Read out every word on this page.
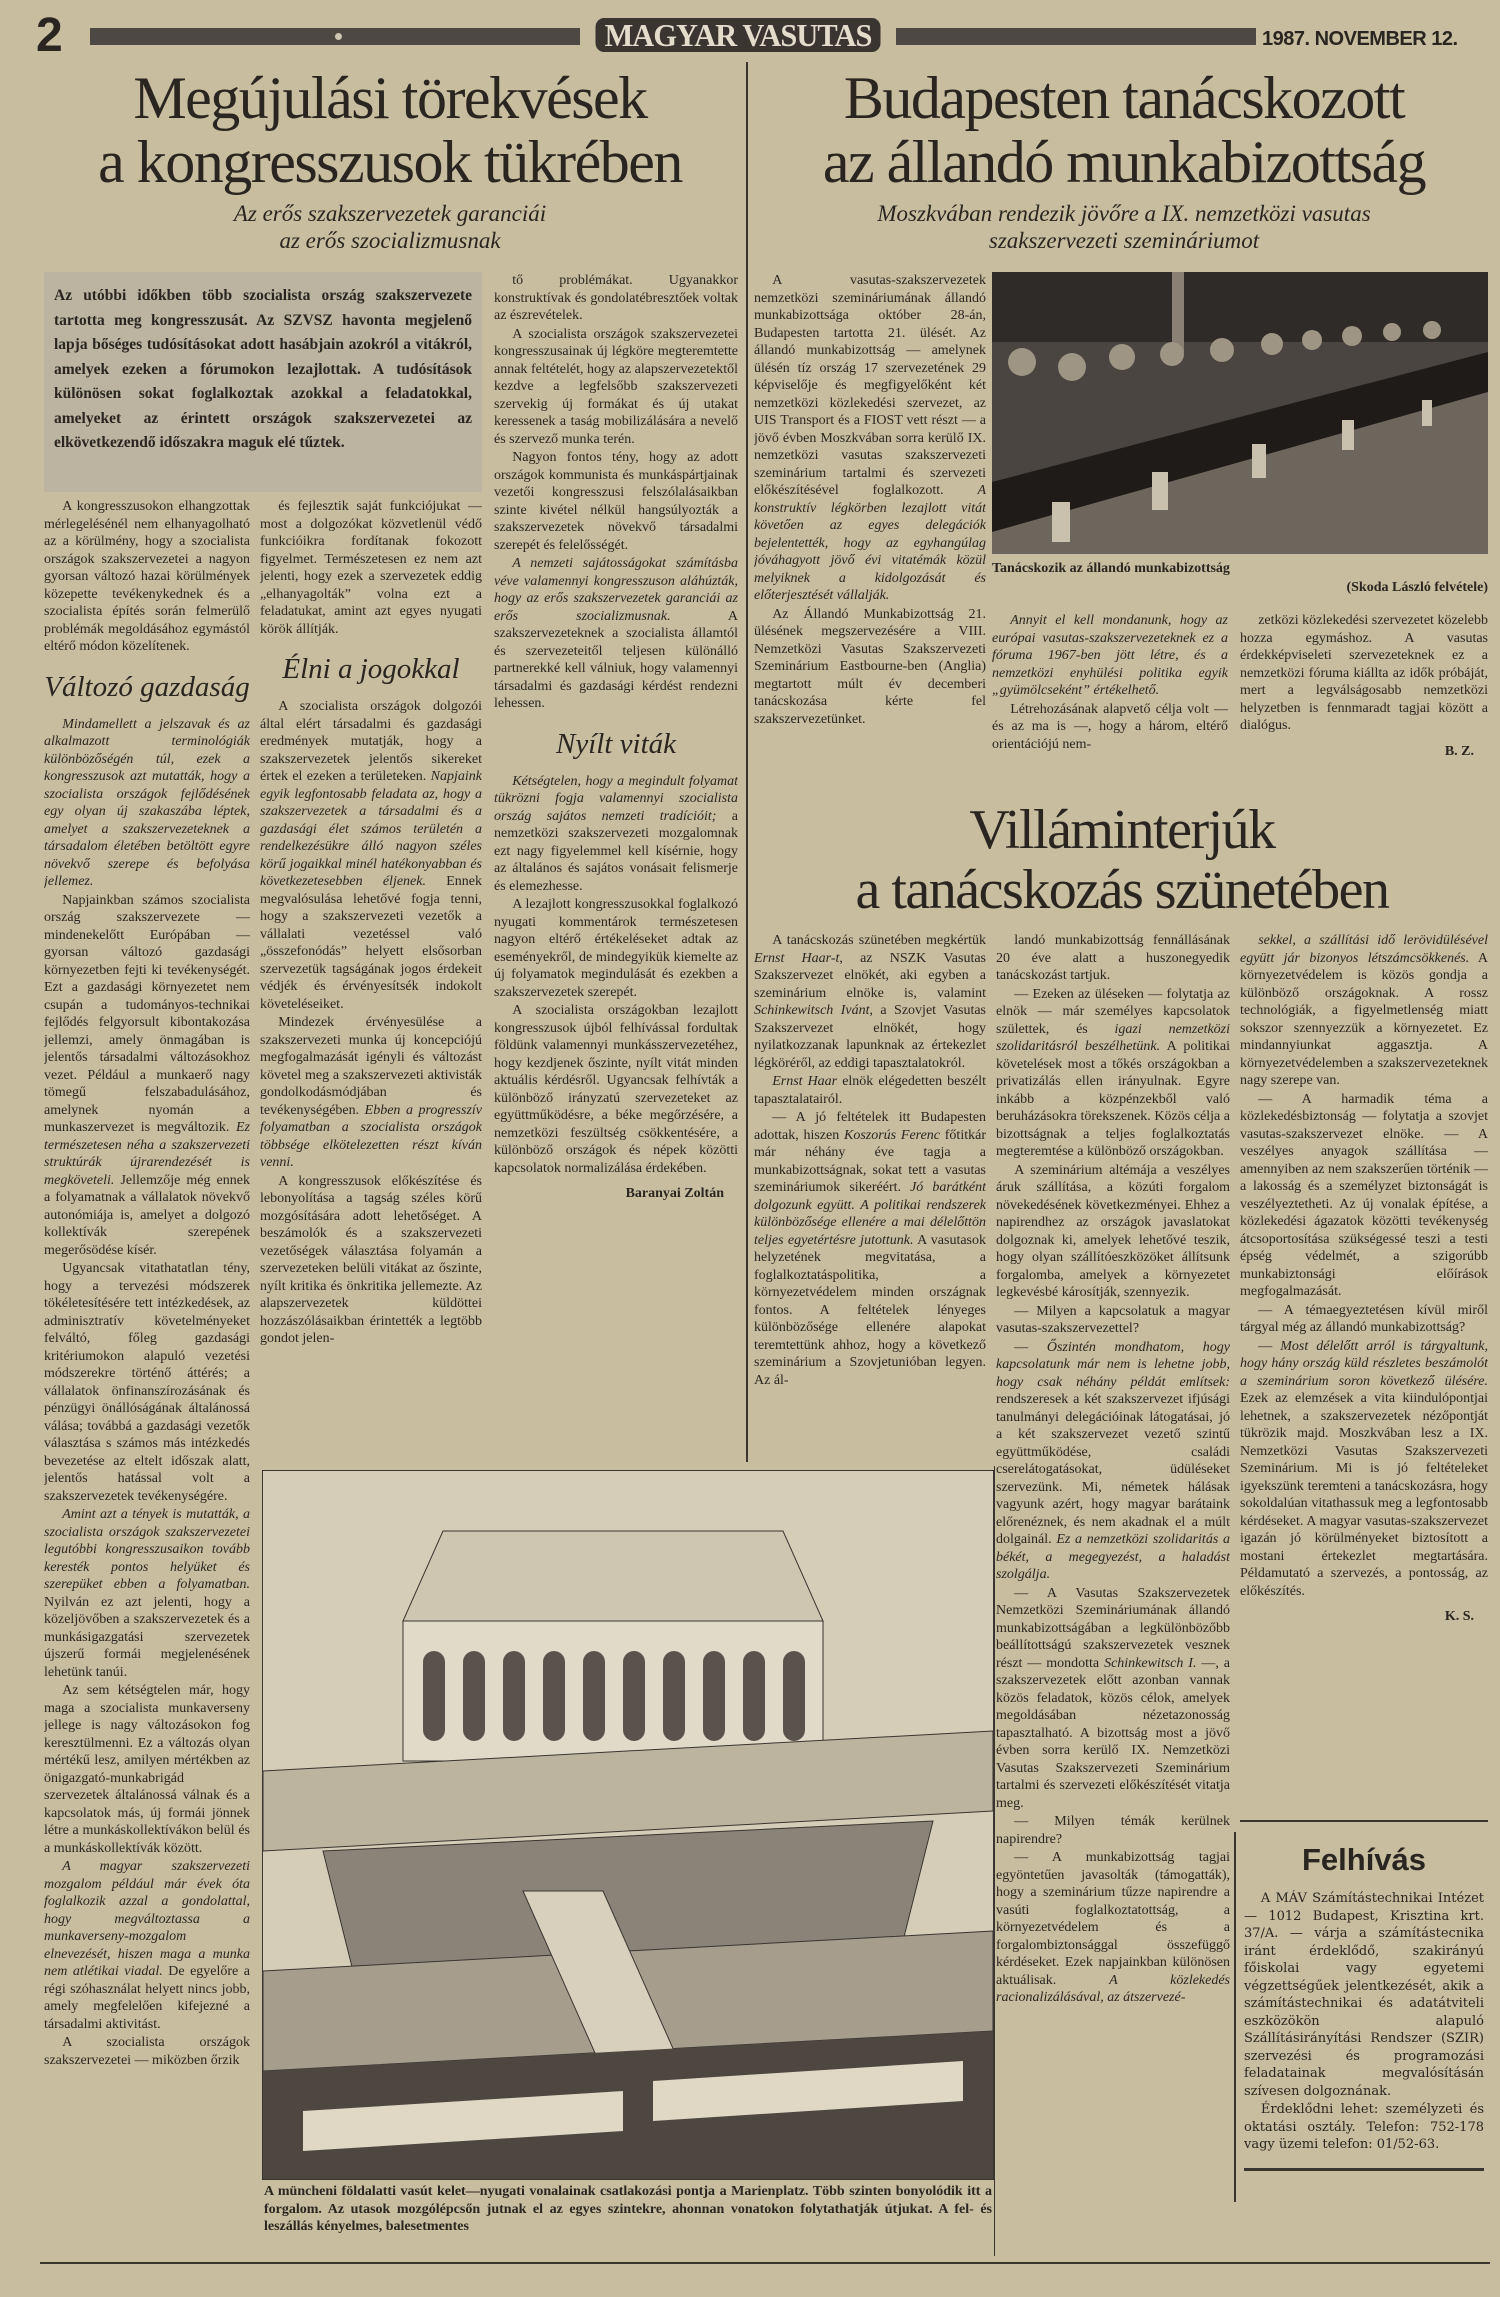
2	MAGYAR VASUTAS	1987. NOVEMBER 12.
Megújulási törekvések
a kongresszusok tükrében
Az erős szakszervezetek garanciái
az erős szocializmusnak
Budapesten tanácskozott
az állandó munkabizottság
Moszkvában rendezik jövőre a IX. nemzetközi vasutas
szakszervezeti szemináriumot
Az utóbbi időkben több szocialista ország szakszervezete tartotta meg kongresszusát. Az SZVSZ havonta megjelenő lapja bőséges tudósításokat adott hasábjain azokról a vitákról, amelyek ezeken a fórumokon lezajlottak. A tudósítások különösen sokat foglalkoztak azokkal a feladatokkal, amelyeket az érintett országok szakszervezetei az elkövetkezendő időszakra maguk elé tűztek.

A kongresszusokon elhangzottak mérlegelésénél nem elhanyagolható az a körülmény, hogy a szocialista országok szakszervezetei a nagyon gyorsan változó hazai körülmények közepette tevékenykednek és a szocialista építés során felmerülő problémák megoldásához egymástól eltérő módon közelítenek.

Változó gazdaság

Mindamellett a jelszavak és az alkalmazott terminológiák különbözőségén túl, ezek a kongresszusok azt mutatták, hogy a szocialista országok fejlődésének egy olyan új szakaszába léptek, amelyet a szakszervezeteknek a társadalom életében betöltött egyre növekvő szerepe és befolyása jellemez.

Napjainkban számos szocialista ország szakszervezete — mindenekelőtt Európában — gyorsan változó gazdasági környezetben fejti ki tevékenységét. Ezt a gazdasági környezetet nem csupán a tudományos-technikai fejlődés felgyorsult kibontakozása jellemzi, amely önmagában is jelentős társadalmi változásokhoz vezet. Például a munkaerő nagy tömegű felszabadulásához, amelynek nyomán a munkaszervezet is megváltozik. Ez természetesen néha a szakszervezeti struktúrák újrarendezését is megköveteli. Jellemzője még ennek a folyamatnak a vállalatok növekvő autonómiája is, amelyet a dolgozó kollektívák szerepének megerősödése kísér.

Ugyancsak vitathatatlan tény, hogy a tervezési módszerek tökéletesítésére tett intézkedések, az adminisztratív követelményeket felváltó, főleg gazdasági kritériumokon alapuló vezetési módszerekre történő áttérés; a vállalatok önfinanszírozásának és pénzügyi önállóságának általánossá válása; továbbá a gazdasági vezetők választása s számos más intézkedés bevezetése az eltelt időszak alatt, jelentős hatással volt a szakszervezetek tevékenységére.

Amint azt a tények is mutatták, a szocialista országok szakszervezetei legutóbbi kongresszusaikon tovább keresték pontos helyüket és szerepüket ebben a folyamatban. Nyilván ez azt jelenti, hogy a közeljövőben a szakszervezetek és a munkásigazgatási szervezetek újszerű formái megjelenésének lehetünk tanúi.

Az sem kétségtelen már, hogy maga a szocialista munkaverseny jellege is nagy változásokon fog keresztülmenni. Ez a változás olyan mértékű lesz, amilyen mértékben az önigazgató-munkabrigád szervezetek általánossá válnak és a kapcsolatok más, új formái jönnek létre a munkáskollektívákon belül és a munkáskollektívák között.

A magyar szakszervezeti mozgalom például már évek óta foglalkozik azzal a gondolattal, hogy megváltoztassa a munkaverseny-mozgalom elnevezését, hiszen maga a munka nem atlétikai viadal. De egyelőre a régi szóhasználat helyett nincs jobb, amely megfelelően kifejezné a társadalmi aktivitást.

A szocialista országok szakszervezetei — miközben őrzik

és fejlesztik saját funkciójukat — most a dolgozókat közvetlenül védő funkcióikra fordítanak fokozott figyelmet. Természetesen ez nem azt jelenti, hogy ezek a szervezetek eddig „elhanyagolták” volna ezt a feladatukat, amint azt egyes nyugati körök állítják.

Élni a jogokkal

A szocialista országok dolgozói által elért társadalmi és gazdasági eredmények mutatják, hogy a szakszervezetek jelentős sikereket értek el ezeken a területeken. Napjaink egyik legfontosabb feladata az, hogy a szakszervezetek a társadalmi és a gazdasági élet számos területén a rendelkezésükre álló nagyon széles körű jogaikkal minél hatékonyabban és következetesebben éljenek. Ennek megvalósulása lehetővé fogja tenni, hogy a szakszervezeti vezetők a vállalati vezetéssel való „összefonódás” helyett elsősorban szervezetük tagságának jogos érdekeit védjék és érvényesítsék indokolt követeléseiket.

Mindezek érvényesülése a szakszervezeti munka új koncepciójú megfogalmazását igényli és változást követel meg a szakszervezeti aktivisták gondolkodásmódjában és tevékenységében. Ebben a progresszív folyamatban a szocialista országok többsége elkötelezetten részt kíván venni.

A kongresszusok előkészítése és lebonyolítása a tagság széles körű mozgósítására adott lehetőséget. A beszámolók és a szakszervezeti vezetőségek választása folyamán a szervezeteken belüli vitákat az őszinte, nyílt kritika és önkritika jellemezte. Az alapszervezetek küldöttei hozzászólásaikban érintették a legtöbb gondot jelen-

tő problémákat. Ugyanakkor konstruktívak és gondolatébresztőek voltak az észrevételek.

A szocialista országok szakszervezetei kongresszusainak új légköre megteremtette annak feltételét, hogy az alapszervezetektől kezdve a legfelsőbb szakszervezeti szervekig új formákat és új utakat keressenek a taság mobilizálására a nevelő és szervező munka terén.

Nagyon fontos tény, hogy az adott országok kommunista és munkáspártjainak vezetői kongresszusi felszólalásaikban szinte kivétel nélkül hangsúlyozták a szakszervezetek növekvő társadalmi szerepét és felelősségét.

A nemzeti sajátosságokat számításba véve valamennyi kongresszuson aláhúzták, hogy az erős szakszervezetek garanciái az erős szocializmusnak. A szakszervezeteknek a szocialista államtól és szervezeteitől teljesen különálló partnerekké kell válniuk, hogy valamennyi társadalmi és gazdasági kérdést rendezni lehessen.

Nyílt viták

Kétségtelen, hogy a megindult folyamat tükrözni fogja valamennyi szocialista ország sajátos nemzeti tradícióit; a nemzetközi szakszervezeti mozgalomnak ezt nagy figyelemmel kell kísérnie, hogy az általános és sajátos vonásait felismerje és elemezhesse.

A lezajlott kongresszusokkal foglalkozó nyugati kommentárok természetesen nagyon eltérő értékeléseket adtak az eseményekről, de mindegyikük kiemelte az új folyamatok megindulását és ezekben a szakszervezetek szerepét.

A szocialista országokban lezajlott kongresszusok újból felhívással fordultak földünk valamennyi munkásszervezetéhez, hogy kezdjenek őszinte, nyílt vitát minden aktuális kérdésről. Ugyancsak felhívták a különböző irányzatú szervezeteket az együttműködésre, a béke megőrzésére, a nemzetközi feszültség csökkentésére, a különböző országok és népek közötti kapcsolatok normalizálása érdekében.

Baranyai Zoltán
A müncheni földalatti vasút kelet—nyugati vonalainak csatlakozási pontja a Marienplatz. Több szinten bonyolódik itt a forgalom. Az utasok mozgólépcsőn jutnak el az egyes szintekre, ahonnan vonatokon folytathatják útjukat. A fel- és leszállás kényelmes, balesetmentes

A vasutas-szakszervezetek nemzetközi szemináriumának állandó munkabizottsága október 28-án, Budapesten tartotta 21. ülését. Az állandó munkabizottság — amelynek ülésén tíz ország 17 szervezetének 29 képviselője és megfigyelőként két nemzetközi közlekedési szervezet, az UIS Transport és a FIOST vett részt — a jövő évben Moszkvában sorra kerülő IX. nemzetközi vasutas szakszervezeti szeminárium tartalmi és szervezeti előkészítésével foglalkozott. A konstruktív légkörben lezajlott vitát követően az egyes delegációk bejelentették, hogy az egyhangúlag jóváhagyott jövő évi vitatémák közül melyiknek a kidolgozását és előterjesztését vállalják.

Az Állandó Munkabizottság 21. ülésének megszervezésére a VIII. Nemzetközi Vasutas Szakszervezeti Szeminárium Eastbourne-ben (Anglia) megtartott múlt év decemberi tanácskozása kérte fel szakszervezetünket.

Tanácskozik az állandó munkabizottság
(Skoda László felvétele)

Annyit el kell mondanunk, hogy az európai vasutas-szakszervezeteknek ez a fóruma 1967-ben jött létre, és a nemzetközi enyhülési politika egyik „gyümölcseként” értékelhető.

Létrehozásának alapvető célja volt — és az ma is —, hogy a három, eltérő orientációjú nem-

zetközi közlekedési szervezetet közelebb hozza egymáshoz. A vasutas érdekképviseleti szervezeteknek ez a nemzetközi fóruma kiállta az idők próbáját, mert a legválságosabb nemzetközi helyzetben is fennmaradt tagjai között a dialógus.

B. Z.
Villáminterjúk
a tanácskozás szünetében

A tanácskozás szünetében megkértük Ernst Haar-t, az NSZK Vasutas Szakszervezet elnökét, aki egyben a szeminárium elnöke is, valamint Schinkewitsch Ivánt, a Szovjet Vasutas Szakszervezet elnökét, hogy nyilatkozzanak lapunknak az értekezlet légköréről, az eddigi tapasztalatokról.

Ernst Haar elnök elégedetten beszélt tapasztalatairól.

— A jó feltételek itt Budapesten adottak, hiszen Koszorús Ferenc főtitkár már néhány éve tagja a munkabizottságnak, sokat tett a vasutas szemináriumok sikeréért. Jó barátként dolgozunk együtt. A politikai rendszerek különbözősége ellenére a mai délelőttön teljes egyetértésre jutottunk. A vasutasok helyzetének megvitatása, a foglalkoztatáspolitika, a környezetvédelem minden országnak fontos. A feltételek lényeges különbözősége ellenére alapokat teremtettünk ahhoz, hogy a következő szeminárium a Szovjetunióban legyen. Az ál-

landó munkabizottság fennállásának 20 éve alatt a huszonegyedik tanácskozást tartjuk.

— Ezeken az üléseken — folytatja az elnök — már személyes kapcsolatok születtek, és igazi nemzetközi szolidaritásról beszélhetünk. A politikai követelések most a tőkés országokban a privatizálás ellen irányulnak. Egyre inkább a közpénzekből való beruházásokra törekszenek. Közös célja a bizottságnak a teljes foglalkoztatás megteremtése a különböző országokban.

A szeminárium altémája a veszélyes áruk szállítása, a közúti forgalom növekedésének következményei. Ehhez a napirendhez az országok javaslatokat dolgoznak ki, amelyek lehetővé teszik, hogy olyan szállítóeszközöket állítsunk forgalomba, amelyek a környezetet legkevésbé károsítják, szennyezik.

— Milyen a kapcsolatuk a magyar vasutas-szakszervezettel?

— Őszintén mondhatom, hogy kapcsolatunk már nem is lehetne jobb, hogy csak néhány példát említsek: rendszeresek a két szakszervezet ifjúsági tanulmányi delegációinak látogatásai, jó a két szakszervezet vezető szintű együttműködése, családi cserelátogatásokat, üdüléseket szervezünk. Mi, németek hálásak vagyunk azért, hogy magyar barátaink előrenéznek, és nem akadnak el a múlt dolgainál. Ez a nemzetközi szolidaritás a békét, a megegyezést, a haladást szolgálja.

— A Vasutas Szakszervezetek Nemzetközi Szemináriumának állandó munkabizottságában a legkülönbözőbb beállítottságú szakszervezetek vesznek részt — mondotta Schinkewitsch I. —, a szakszervezetek előtt azonban vannak közös feladatok, közös célok, amelyek megoldásában nézetazonosság tapasztalható. A bizottság most a jövő évben sorra kerülő IX. Nemzetközi Vasutas Szakszervezeti Szeminárium tartalmi és szervezeti előkészítését vitatja meg.

— Milyen témák kerülnek napirendre?

— A munkabizottság tagjai egyöntetűen javasolták (támogatták), hogy a szeminárium tűzze napirendre a vasúti foglalkoztatottság, a környezetvédelem és a forgalombiztonsággal összefüggő kérdéseket. Ezek napjainkban különösen aktuálisak. A közlekedés racionalizálásával, az átszervezé-

sekkel, a szállítási idő lerövidülésével együtt jár bizonyos létszámcsökkenés. A környezetvédelem is közös gondja a különböző országoknak. A rossz technológiák, a figyelmetlenség miatt sokszor szennyezzük a környezetet. Ez mindannyiunkat aggasztja. A környezetvédelemben a szakszervezeteknek nagy szerepe van.

— A harmadik téma a közlekedésbiztonság — folytatja a szovjet vasutas-szakszervezet elnöke. — A veszélyes anyagok szállítása — amennyiben az nem szakszerűen történik — a lakosság és a személyzet biztonságát is veszélyeztetheti. Az új vonalak építése, a közlekedési ágazatok közötti tevékenység átcsoportosítása szükségessé teszi a testi épség védelmét, a szigorúbb munkabiztonsági előírások megfogalmazását.

— A témaegyeztetésen kívül miről tárgyal még az állandó munkabizottság?

— Most délelőtt arról is tárgyaltunk, hogy hány ország küld részletes beszámolót a szeminárium soron következő ülésére. Ezek az elemzések a vita kiindulópontjai lehetnek, a szakszervezetek nézőpontját tükrözik majd. Moszkvában lesz a IX. Nemzetközi Vasutas Szakszervezeti Szeminárium. Mi is jó feltételeket igyekszünk teremteni a tanácskozásra, hogy sokoldalúan vitathassuk meg a legfontosabb kérdéseket. A magyar vasutas-szakszervezet igazán jó körülményeket biztosított a mostani értekezlet megtartására. Példamutató a szervezés, a pontosság, az előkészítés.

K. S.
Felhívás

A MÁV Számítástechnikai Intézet — 1012 Budapest, Krisztina krt. 37/A. — várja a számítástecnika iránt érdeklődő, szakirányú főiskolai vagy egyetemi végzettségűek jelentkezését, akik a számítástechnikai és adatátviteli eszközökön alapuló Szállításirányítási Rendszer (SZIR) szervezési és programozási feladatainak megvalósításán szívesen dolgoznának.

Érdeklődni lehet: személyzeti és oktatási osztály. Telefon: 752-178 vagy üzemi telefon: 01/52-63.
